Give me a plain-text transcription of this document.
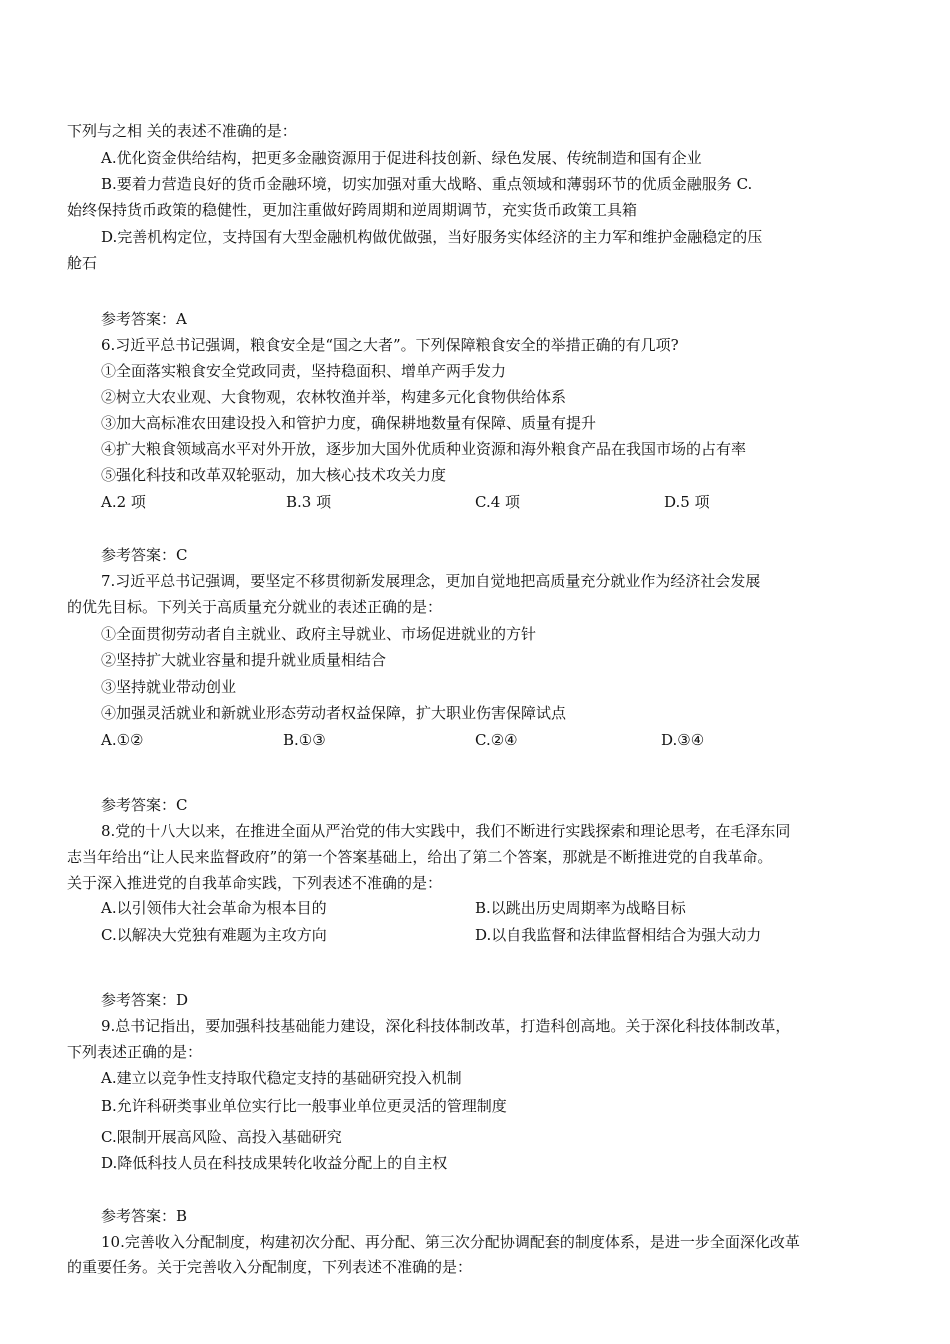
下列与之相 关的表述不准确的是：
A.优化资金供给结构，把更多金融资源用于促进科技创新、绿色发展、传统制造和国有企业
B.要着力营造良好的货币金融环境，切实加强对重大战略、重点领域和薄弱环节的优质金融服务 C.
始终保持货币政策的稳健性，更加注重做好跨周期和逆周期调节，充实货币政策工具箱
D.完善机构定位，支持国有大型金融机构做优做强，当好服务实体经济的主力军和维护金融稳定的压
舱石
参考答案：A
6.习近平总书记强调，粮食安全是“国之大者”。下列保障粮食安全的举措正确的有几项?
①全面落实粮食安全党政同责，坚持稳面积、增单产两手发力
②树立大农业观、大食物观，农林牧渔并举，构建多元化食物供给体系
③加大高标准农田建设投入和管护力度，确保耕地数量有保障、质量有提升
④扩大粮食领域高水平对外开放，逐步加大国外优质种业资源和海外粮食产品在我国市场的占有率
⑤强化科技和改革双轮驱动，加大核心技术攻关力度
A.2 项	B.3 项	C.4 项	D.5 项
参考答案：C
7.习近平总书记强调，要坚定不移贯彻新发展理念，更加自觉地把高质量充分就业作为经济社会发展
的优先目标。下列关于高质量充分就业的表述正确的是：
①全面贯彻劳动者自主就业、政府主导就业、市场促进就业的方针
②坚持扩大就业容量和提升就业质量相结合
③坚持就业带动创业
④加强灵活就业和新就业形态劳动者权益保障，扩大职业伤害保障试点
A.①②	B.①③	C.②④	D.③④
参考答案：C
8.党的十八大以来，在推进全面从严治党的伟大实践中，我们不断进行实践探索和理论思考，在毛泽东同
志当年给出“让人民来监督政府”的第一个答案基础上，给出了第二个答案，那就是不断推进党的自我革命。
关于深入推进党的自我革命实践，下列表述不准确的是：
A.以引领伟大社会革命为根本目的	B.以跳出历史周期率为战略目标
C.以解决大党独有难题为主攻方向	D.以自我监督和法律监督相结合为强大动力
参考答案：D
9.总书记指出，要加强科技基础能力建设，深化科技体制改革，打造科创高地。关于深化科技体制改革，
下列表述正确的是：
A.建立以竞争性支持取代稳定支持的基础研究投入机制
B.允许科研类事业单位实行比一般事业单位更灵活的管理制度
C.限制开展高风险、高投入基础研究
D.降低科技人员在科技成果转化收益分配上的自主权
参考答案：B
10.完善收入分配制度，构建初次分配、再分配、第三次分配协调配套的制度体系，是进一步全面深化改革
的重要任务。关于完善收入分配制度，下列表述不准确的是：
